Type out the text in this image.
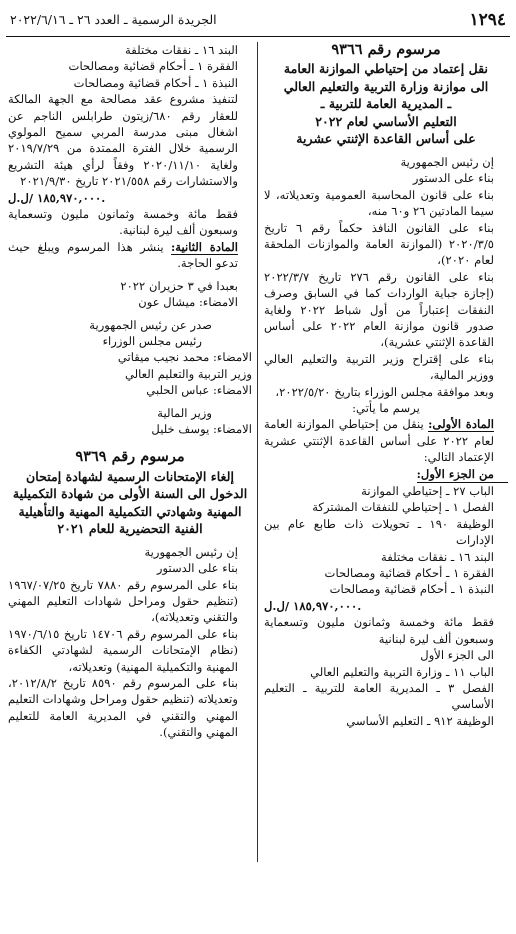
١٢٩٤
الجريدة الرسمية ـ العدد ٢٦ ـ ٢٠٢٢/٦/١٦

مرسوم رقم ٩٣٦٦

نقل إعتماد من إحتياطي الموازنة العامة

الى موازنة وزارة التربية والتعليم العالي

ـ المديرية العامة للتربية ـ

التعليم الأساسي لعام ٢٠٢٢

على أساس القاعدة الإثنتي عشرية

إن رئيس الجمهورية

بناء على الدستور

بناء على قانون المحاسبة العمومية وتعديلاته، لا سيما المادتين ٢٦ و٦٠ منه،

بناء على القانون النافذ حكماً رقم ٦ تاريخ ٢٠٢٠/٣/٥ (الموازنة العامة والموازنات الملحقة لعام ٢٠٢٠)،

بناء على القانون رقم ٢٧٦ تاريخ ٢٠٢٢/٣/٧ (إجازة جباية الواردات كما في السابق وصرف النفقات إعتباراً من أول شباط ٢٠٢٢ ولغاية صدور قانون موازنة العام ٢٠٢٢ على أساس القاعدة الإثنتي عشرية)،

بناء على إقتراح وزير التربية والتعليم العالي ووزير المالية،

وبعد موافقة مجلس الوزراء بتاريخ ٢٠٢٢/٥/٢٠،

يرسم ما يأتي:

المادة الأولى: ينقل من إحتياطي الموازنة العامة لعام ٢٠٢٢ على أساس القاعدة الإثنتي عشرية الإعتماد التالي:

من الجزء الأول:

الباب ٢٧ ـ إحتياطي الموازنة

الفصل ١ ـ إحتياطي للنفقات المشتركة

الوظيفة ١٩٠ ـ تحويلات ذات طابع عام بين الإدارات

البند ١٦ ـ نفقات مختلفة

الفقرة ١ ـ أحكام قضائية ومصالحات

النبذة ١ ـ أحكام قضائية ومصالحات

١٨٥,٩٧٠,٠٠٠ /ل.ل.

فقط مائة وخمسة وثمانون مليون وتسعماية وسبعون ألف ليرة لبنانية

الى الجزء الأول

الباب ١١ ـ وزارة التربية والتعليم العالي

الفصل ٣ ـ المديرية العامة للتربية ـ التعليم الأساسي

الوظيفة ٩١٢ ـ التعليم الأساسي

البند ١٦ ـ نفقات مختلفة

الفقرة ١ ـ أحكام قضائية ومصالحات

النبذة ١ ـ أحكام قضائية ومصالحات

لتنفيذ مشروع عقد مصالحة مع الجهة المالكة للعقار رقم ٦٨٠/زيتون طرابلس الناجم عن اشغال مبنى مدرسة المربي سميح المولوي الرسمية خلال الفترة الممتدة من ٢٠١٩/٧/٢٩ ولغاية ٢٠٢٠/١١/١٠ وفقاً لرأي هيئة التشريع والاستشارات رقم ٢٠٢١/٥٥٨ تاريخ ٢٠٢١/٩/٣٠

١٨٥,٩٧٠,٠٠٠ /ل.ل.

فقط مائة وخمسة وثمانون مليون وتسعماية وسبعون ألف ليرة لبنانية.

المادة الثانية: ينشر هذا المرسوم ويبلغ حيث تدعو الحاجة.

بعبدا في ٣ حزيران ٢٠٢٢

الامضاء: ميشال عون

صدر عن رئيس الجمهورية

رئيس مجلس الوزراء

الامضاء: محمد نجيب ميقاتي

وزير التربية والتعليم العالي

الامضاء: عباس الحلبي

وزير المالية

الامضاء: يوسف خليل

مرسوم رقم ٩٣٦٩

إلغاء الإمتحانات الرسمية لشهادة إمتحان

الدخول الى السنة الأولى من شهادة التكميلية

المهنية وشهادتي التكميلية المهنية والتأهيلية

الفنية التحضيرية للعام ٢٠٢١

إن رئيس الجمهورية

بناء على الدستور

بناء على المرسوم رقم ٧٨٨٠ تاريخ ١٩٦٧/٠٧/٢٥ (تنظيم حقول ومراحل شهادات التعليم المهني والتقني وتعديلاته)،

بناء على المرسوم رقم ١٤٧٠٦ تاريخ ١٩٧٠/٦/١٥ (نظام الإمتحانات الرسمية لشهادتي الكفاءة المهنية والتكميلية المهنية) وتعديلاته،

بناء على المرسوم رقم ٨٥٩٠ تاريخ ٢٠١٢/٨/٢، وتعديلاته (تنظيم حقول ومراحل وشهادات التعليم المهني والتقني في المديرية العامة للتعليم المهني والتقني).
